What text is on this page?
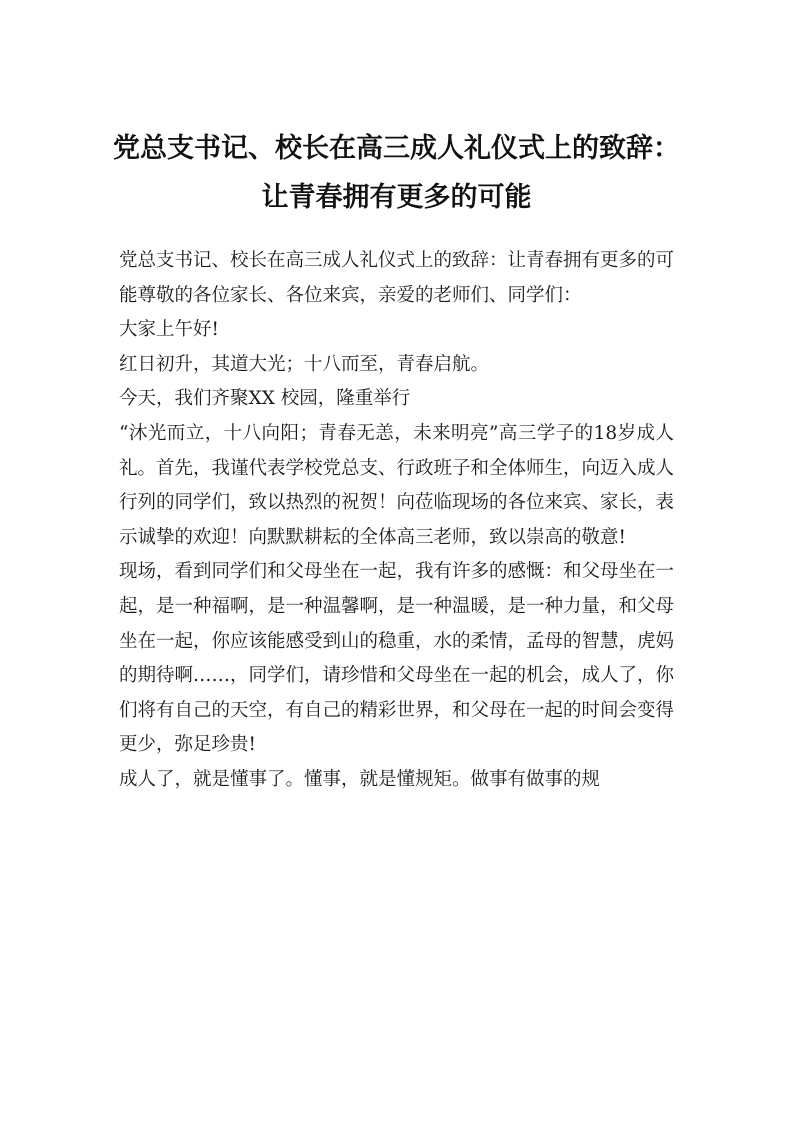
党总支书记、校长在高三成人礼仪式上的致辞：让青春拥有更多的可能

党总支书记、校长在高三成人礼仪式上的致辞：让青春拥有更多的可能尊敬的各位家长、各位来宾，亲爱的老师们、同学们：

大家上午好!

红日初升，其道大光；十八而至，青春启航。

今天，我们齐聚XX 校园，隆重举行

“沐光而立，十八向阳；青春无恙，未来明亮”高三学子的18岁成人礼。首先，我谨代表学校党总支、行政班子和全体师生，向迈入成人行列的同学们，致以热烈的祝贺！向莅临现场的各位来宾、家长，表示诚挚的欢迎！向默默耕耘的全体高三老师，致以崇高的敬意!

现场，看到同学们和父母坐在一起，我有许多的感慨：和父母坐在一起，是一种福啊，是一种温馨啊，是一种温暖，是一种力量，和父母坐在一起，你应该能感受到山的稳重，水的柔情，孟母的智慧，虎妈的期待啊……，同学们，请珍惜和父母坐在一起的机会，成人了，你们将有自己的天空，有自己的精彩世界，和父母在一起的时间会变得更少，弥足珍贵!

成人了，就是懂事了。懂事，就是懂规矩。做事有做事的规
